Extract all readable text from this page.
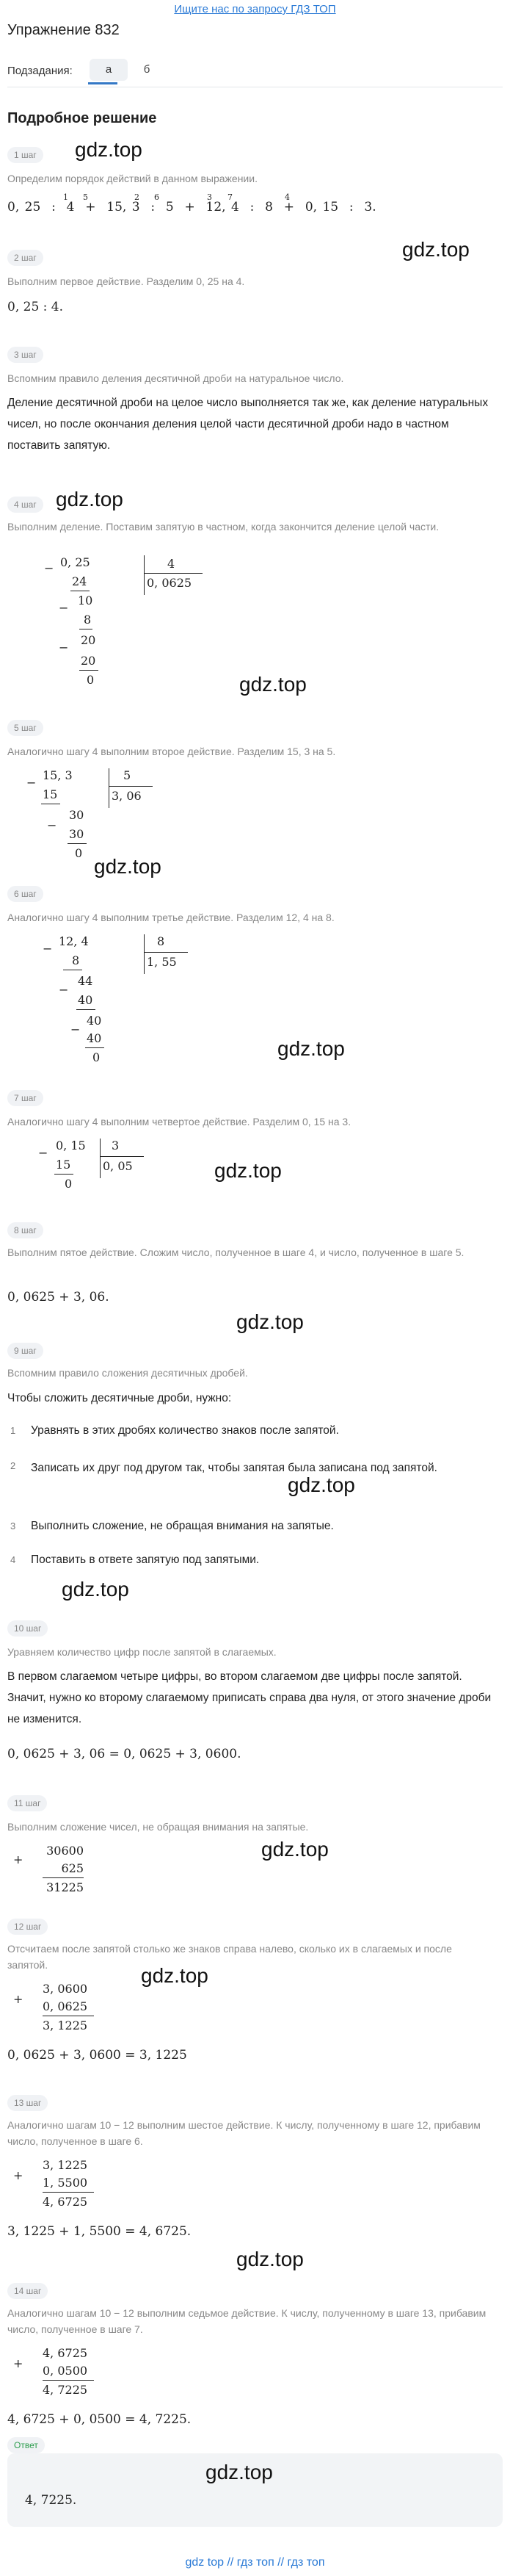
Ищите нас по запросу ГДЗ ТОП
Упражнение 832
Подзадания:	а	б
Подробное решение
1 шаг	gdz.top
Определим порядок действий в данном выражении.
0, 25  :  4  +  15, 3  :  5  +  12, 4  :  8  +  0, 15  :  3.
1 5	2 6	3 7	4
gdz.top
2 шаг
Выполним первое действие. Разделим 0, 25 на 4.
0, 25 : 4.
3 шаг
Вспомним правило деления десятичной дроби на натуральное число.
Деление десятичной дроби на целое число выполняется так же, как деление натуральных чисел, но после окончания деления целой части десятичной дроби надо в частном поставить запятую.
4 шаг gdz.top
Выполним деление. Поставим запятую в частном, когда закончится деление целой части.
0, 25
−	4
0, 0625
24
10
−
8
20
−
20
0	gdz.top
5 шаг
Аналогично шагу 4 выполним второе действие. Разделим 15, 3 на 5.
15, 3
−
5
3, 06
15
30
−
30
0
gdz.top
6 шаг
Аналогично шагу 4 выполним третье действие. Разделим 12, 4 на 8.
12, 4
−
8
1, 55
8
44
−
40
40
−
40
0	gdz.top
7 шаг
Аналогично шагу 4 выполним четвертое действие. Разделим 0, 15 на 3.
0, 15
−
3
0, 05
15
0
gdz.top
8 шаг
Выполним пятое действие. Сложим число, полученное в шаге 4, и число, полученное в шаге 5.
0, 0625 + 3, 06.
gdz.top
9 шаг
Вспомним правило сложения десятичных дробей.
Чтобы сложить десятичные дроби, нужно:
1	Уравнять в этих дробях количество знаков после запятой.
2	Записать их друг под другом так, чтобы запятая была записана под запятой.
gdz.top
3	Выполнить сложение, не обращая внимания на запятые.
4	Поставить в ответе запятую под запятыми.
gdz.top
10 шаг
Уравняем количество цифр после запятой в слагаемых.
В первом слагаемом четыре цифры, во втором слагаемом две цифры после запятой. Значит, нужно ко второму слагаемому приписать справа два нуля, от этого значение дроби не изменится.
0, 0625 + 3, 06 = 0, 0625 + 3, 0600.
11 шаг
Выполним сложение чисел, не обращая внимания на запятые.
gdz.top
+
30600
625
31225
12 шаг
Отсчитаем после запятой столько же знаков справа налево, сколько их в слагаемых и после запятой.	gdz.top
+
3, 0600
0, 0625
3, 1225
0, 0625 + 3, 0600 = 3, 1225
13 шаг
Аналогично шагам 10 − 12 выполним шестое действие. К числу, полученному в шаге 12, прибавим число, полученное в шаге 6.
+
3, 1225
1, 5500
4, 6725
3, 1225 + 1, 5500 = 4, 6725.
gdz.top
14 шаг
Аналогично шагам 10 − 12 выполним седьмое действие. К числу, полученному в шаге 13, прибавим число, полученное в шаге 7.
+
4, 6725
0, 0500
4, 7225
4, 6725 + 0, 0500 = 4, 7225.
Ответ
gdz.top
4, 7225.
gdz top // гдз топ // гдз топ
